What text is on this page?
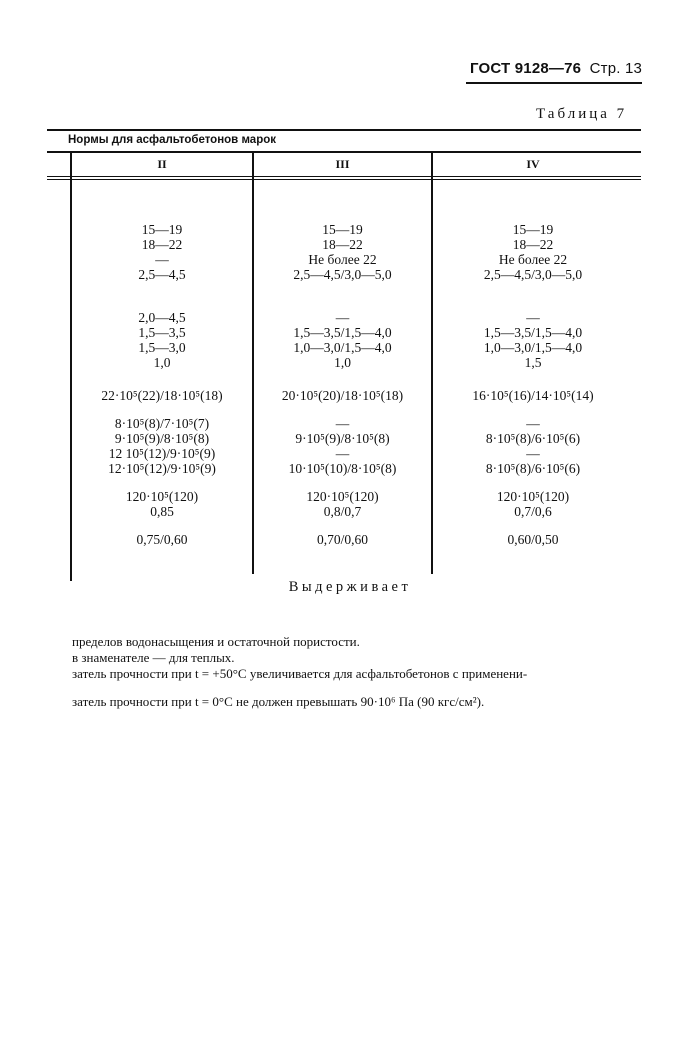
ГОСТ 9128—76 Стр. 13
Таблица 7
Нормы для асфальтобетонов марок
II	III	IV
15—19
18—22
—
2,5—4,5
2,0—4,5
1,5—3,5
1,5—3,0
1,0
22·10⁵(22)/18·10⁵(18)
8·10⁵(8)/7·10⁵(7)
9·10⁵(9)/8·10⁵(8)
12 10⁵(12)/9·10⁵(9)
12·10⁵(12)/9·10⁵(9)
120·10⁵(120)
0,85
0,75/0,60
15—19
18—22
Не более 22
2,5—4,5/3,0—5,0
—
1,5—3,5/1,5—4,0
1,0—3,0/1,5—4,0
1,0
20·10⁵(20)/18·10⁵(18)
—
9·10⁵(9)/8·10⁵(8)
—
10·10⁵(10)/8·10⁵(8)
120·10⁵(120)
0,8/0,7
0,70/0,60
15—19
18—22
Не более 22
2,5—4,5/3,0—5,0
—
1,5—3,5/1,5—4,0
1,0—3,0/1,5—4,0
1,5
16·10⁵(16)/14·10⁵(14)
—
8·10⁵(8)/6·10⁵(6)
—
8·10⁵(8)/6·10⁵(6)
120·10⁵(120)
0,7/0,6
0,60/0,50
Выдерживает
пределов водонасыщения и остаточной пористости.
в знаменателе — для теплых.
затель прочности при t = +50°С увеличивается для асфальтобетонов с применени-
затель прочности при t = 0°С не должен превышать 90·10⁶ Па (90 кгс/см²).
